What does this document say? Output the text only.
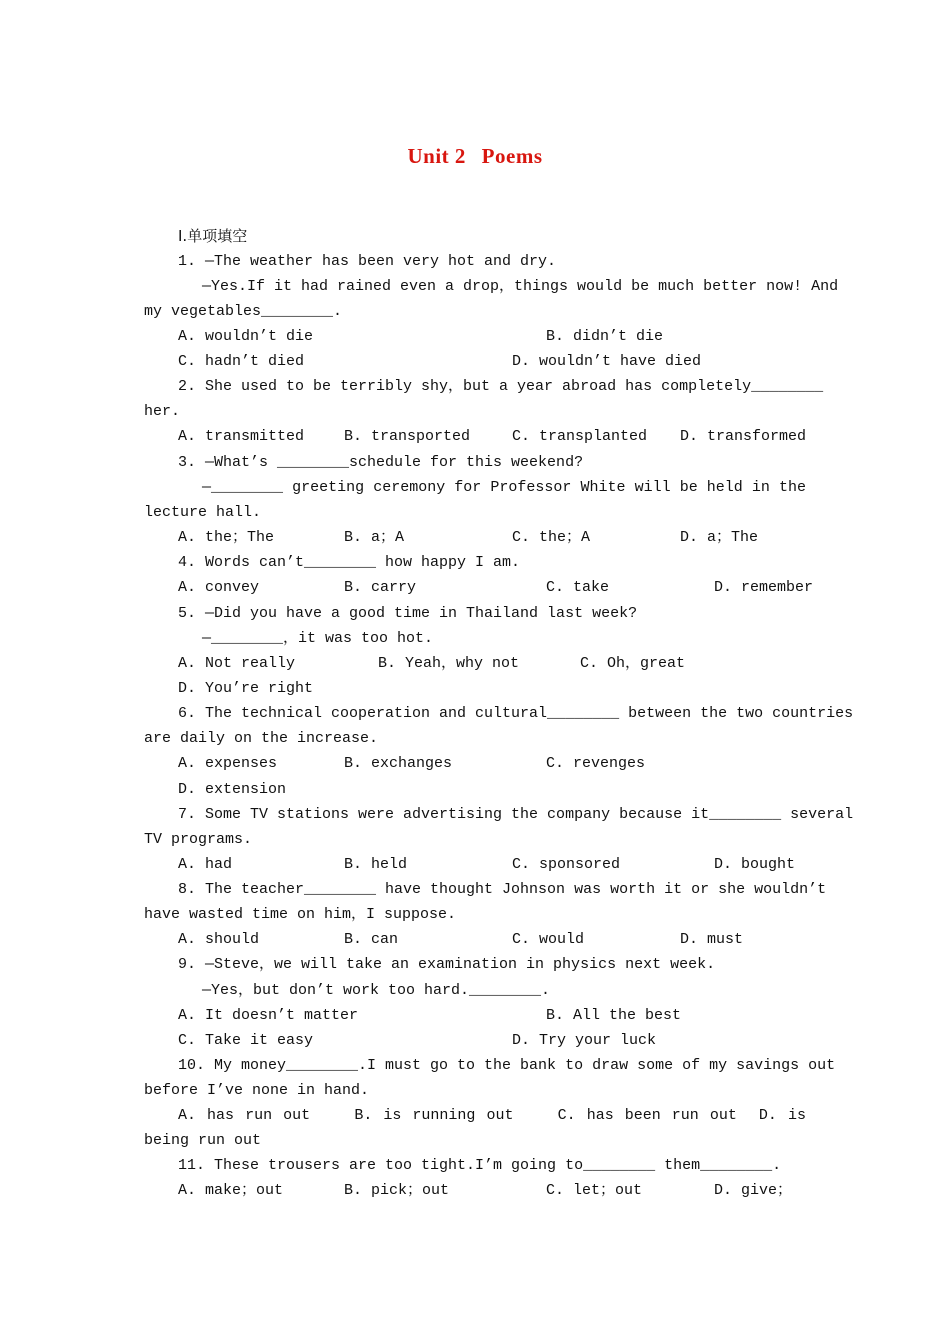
Unit 2 Poems
Ⅰ.单项填空
1. —The weather has been very hot and dry.
—Yes.If it had rained even a drop，things would be much better now! And
my vegetables________.
A. wouldn’t die	B. didn’t die
C. hadn’t died	D. wouldn’t have died
2. She used to be terribly shy，but a year abroad has completely________
her.
A. transmitted	B. transported	C. transplanted D. transformed
3. —What’s ________schedule for this weekend?
—________ greeting ceremony for Professor White will be held in the
lecture hall.
A. the；The	B. a；A	C. the；A	D. a；The
4. Words can’t________ how happy I am.
A. convey	B. carry	C. take	D. remember
5. —Did you have a good time in Thailand last week?
—________，it was too hot.
A. Not really	B. Yeah，why not	C. Oh，great
D. You’re right
6. The technical cooperation and cultural________ between the two countries
are daily on the increase.
A. expenses	B. exchanges	C. revenges
D. extension
7. Some TV stations were advertising the company because it________ several
TV programs.
A. had	B. held	C. sponsored	D. bought
8. The teacher________ have thought Johnson was worth it or she wouldn’t
have wasted time on him，I suppose.
A. should	B. can	C. would	D. must
9. —Steve，we will take an examination in physics next week.
—Yes，but don’t work too hard.________.
A. It doesn’t matter	B. All the best
C. Take it easy	D. Try your luck
10. My money________.I must go to the bank to draw some of my savings out
before I’ve none in hand.
A. has run out    B. is running out    C. has been run out  D. is
being run out
11. These trousers are too tight.I’m going to________ them________.
A. make；out	B. pick；out	C. let；out	D. give；
